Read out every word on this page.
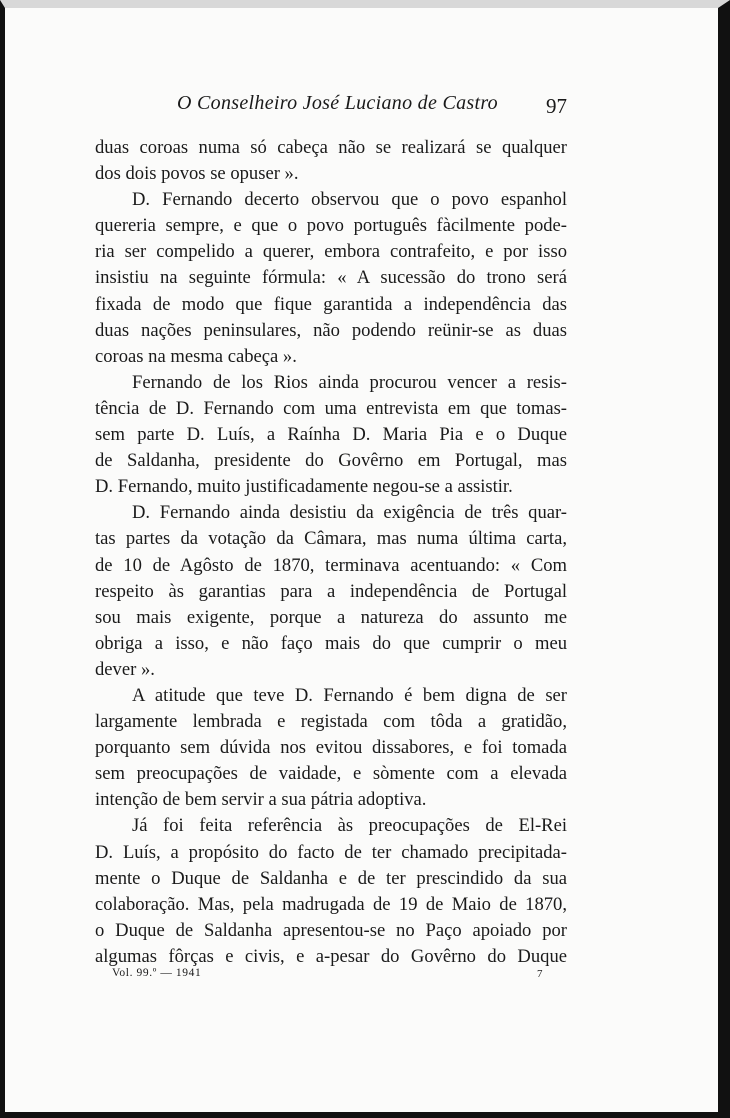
O Conselheiro José Luciano de Castro 97
duas coroas numa só cabeça não se realizará se qualquer
dos dois povos se opuser ».
D. Fernando decerto observou que o povo espanhol
quereria sempre, e que o povo português fàcilmente pode-
ria ser compelido a querer, embora contrafeito, e por isso
insistiu na seguinte fórmula: « A sucessão do trono será
fixada de modo que fique garantida a independência das
duas nações peninsulares, não podendo reünir-se as duas
coroas na mesma cabeça ».
Fernando de los Rios ainda procurou vencer a resis-
tência de D. Fernando com uma entrevista em que tomas-
sem parte D. Luís, a Raínha D. Maria Pia e o Duque
de Saldanha, presidente do Govêrno em Portugal, mas
D. Fernando, muito justificadamente negou-se a assistir.
D. Fernando ainda desistiu da exigência de três quar-
tas partes da votação da Câmara, mas numa última carta,
de 10 de Agôsto de 1870, terminava acentuando: « Com
respeito às garantias para a independência de Portugal
sou mais exigente, porque a natureza do assunto me
obriga a isso, e não faço mais do que cumprir o meu
dever ».
A atitude que teve D. Fernando é bem digna de ser
largamente lembrada e registada com tôda a gratidão,
porquanto sem dúvida nos evitou dissabores, e foi tomada
sem preocupações de vaidade, e sòmente com a elevada
intenção de bem servir a sua pátria adoptiva.
Já foi feita referência às preocupações de El-Rei
D. Luís, a propósito do facto de ter chamado precipitada-
mente o Duque de Saldanha e de ter prescindido da sua
colaboração. Mas, pela madrugada de 19 de Maio de 1870,
o Duque de Saldanha apresentou-se no Paço apoiado por
algumas fôrças e civis, e a-pesar do Govêrno do Duque
Vol. 99.º — 1941	7
